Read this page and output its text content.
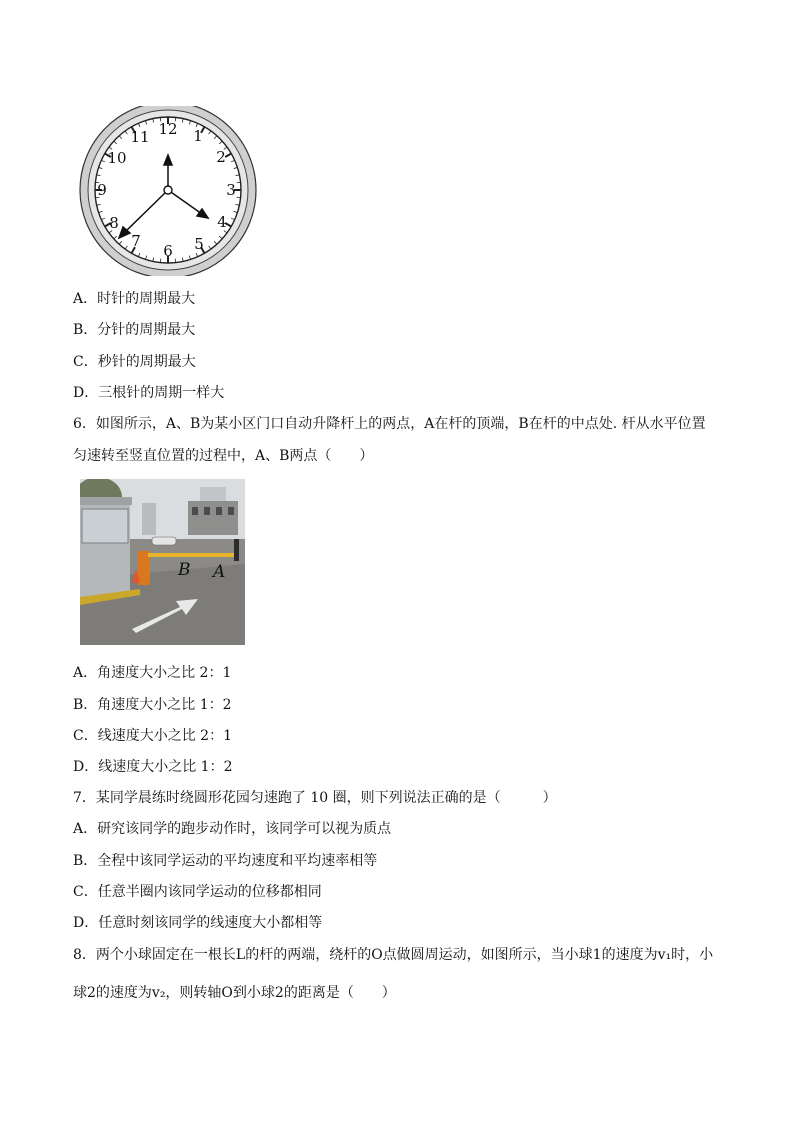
12 1
2
3
4
5
6
7
8
9
10
11
A．时针的周期最大
B．分针的周期最大
C．秒针的周期最大
D．三根针的周期一样大
6．如图所示，A、B为某小区门口自动升降杆上的两点，A在杆的顶端，B在杆的中点处. 杆从水平位置
匀速转至竖直位置的过程中，A、B两点（　　）
B A
A．角速度大小之比 2：1
B．角速度大小之比 1：2
C．线速度大小之比 2：1
D．线速度大小之比 1：2
7．某同学晨练时绕圆形花园匀速跑了 10 圈，则下列说法正确的是（　　　）
A．研究该同学的跑步动作时，该同学可以视为质点
B．全程中该同学运动的平均速度和平均速率相等
C．任意半圈内该同学运动的位移都相同
D．任意时刻该同学的线速度大小都相等
8．两个小球固定在一根长L的杆的两端，绕杆的O点做圆周运动，如图所示，当小球1的速度为v₁时，小
球2的速度为v₂，则转轴O到小球2的距离是（　　）
